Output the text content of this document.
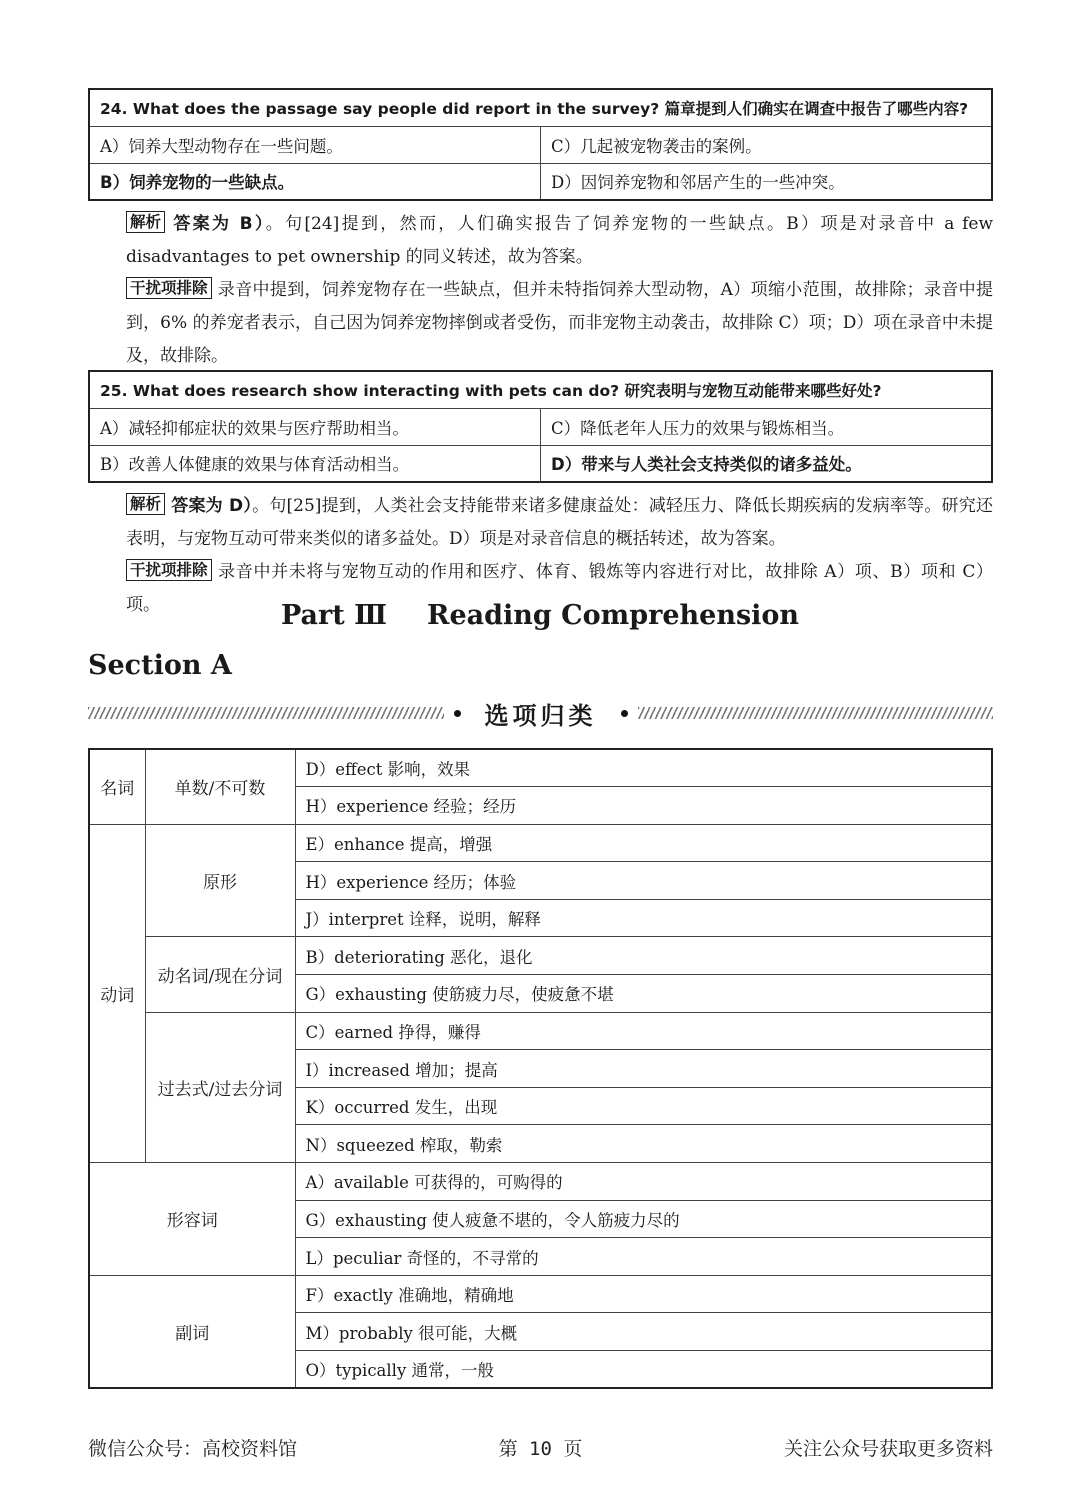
24. What does the passage say people did report in the survey? 篇章提到人们确实在调查中报告了哪些内容?	
A）饲养大型动物存在一些问题。	C）几起被宠物袭击的案例。
B）饲养宠物的一些缺点。	D）因饲养宠物和邻居产生的一些冲突。
解析 答案为 B）。句[24]提到，然而，人们确实报告了饲养宠物的一些缺点。B）项是对录音中 a few disadvantages to pet ownership 的同义转述，故为答案。
干扰项排除 录音中提到，饲养宠物存在一些缺点，但并未特指饲养大型动物，A）项缩小范围，故排除；录音中提到，6% 的养宠者表示，自己因为饲养宠物摔倒或者受伤，而非宠物主动袭击，故排除 C）项；D）项在录音中未提及，故排除。
25. What does research show interacting with pets can do? 研究表明与宠物互动能带来哪些好处?	
A）减轻抑郁症状的效果与医疗帮助相当。	C）降低老年人压力的效果与锻炼相当。
B）改善人体健康的效果与体育活动相当。	D）带来与人类社会支持类似的诸多益处。
解析 答案为 D）。句[25]提到，人类社会支持能带来诸多健康益处：减轻压力、降低长期疾病的发病率等。研究还表明，与宠物互动可带来类似的诸多益处。D）项是对录音信息的概括转述，故为答案。
干扰项排除 录音中并未将与宠物互动的作用和医疗、体育、锻炼等内容进行对比，故排除 A）项、B）项和 C）项。	Part Ⅲ Reading Comprehension
Section A
选项归类
名词	单数/不可数	D）effect 影响，效果
		H）experience 经验；经历
动词	原形	E）enhance 提高，增强
		H）experience 经历；体验
		J）interpret 诠释，说明，解释
	动名词/现在分词	B）deteriorating 恶化，退化
		G）exhausting 使筋疲力尽，使疲惫不堪
	过去式/过去分词	C）earned 挣得，赚得
		I）increased 增加；提高
		K）occurred 发生，出现
		N）squeezed 榨取，勒索
形容词		A）available 可获得的，可购得的
		G）exhausting 使人疲惫不堪的，令人筋疲力尽的
		L）peculiar 奇怪的，不寻常的
副词		F）exactly 准确地，精确地
		M）probably 很可能，大概
		O）typically 通常，一般
微信公众号：高校资料馆	第 10 页	关注公众号获取更多资料
